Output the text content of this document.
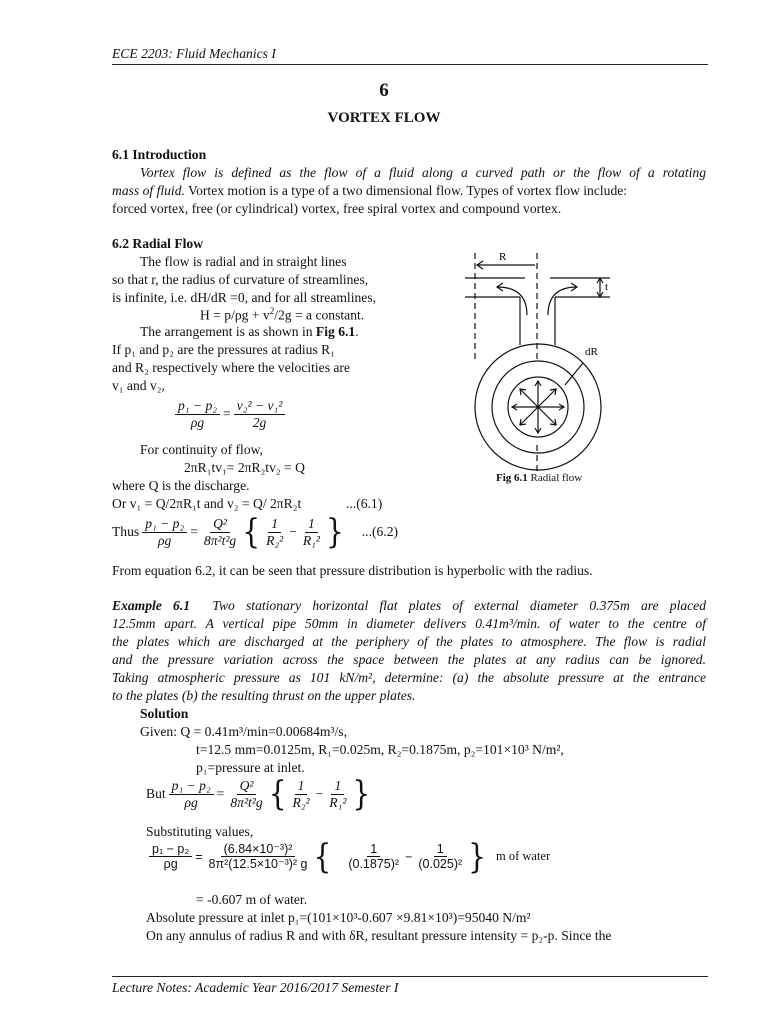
ECE 2203: Fluid Mechanics I
6
VORTEX FLOW
6.1 Introduction
Vortex flow is defined as the flow of a fluid along a curved path or the flow of a rotating
mass of fluid. Vortex motion is a type of a two dimensional flow. Types of vortex flow include:
forced vortex, free (or cylindrical) vortex, free spiral vortex and compound vortex.
6.2 Radial Flow
The flow is radial and in straight lines
so that r, the radius of curvature of streamlines,
is infinite, i.e. dH/dR =0, and for all streamlines,
$H = p/\rho g + v^2/2g = a$ constant.
The arrangement is as shown in Fig 6.1.
If p₁ and p₂ are the pressures at radius R₁
and R₂ respectively where the velocities are
v₁ and v₂,
$\frac{\text{p₁ − p₂}}{\rho g} = \frac{\text{v₂² − v₁²}}{2g}$
For continuity of flow,
2πR₁tv₁= 2πR₂tv₂ = Q
where Q is the discharge.
Or v₁ = Q/2πR₁t and v₂ = Q/ 2πR₂t	...(6.1)
Thus $\frac{\text{p₁ − p₂}}{\rho g} = \frac{\text{Q²}}{\text{8π²t²g}}$ { $\frac{1}{\text{R₂²}} - \frac{1}{\text{R₁²}}$ } ...(6.2)
From equation 6.2, it can be seen that pressure distribution is hyperbolic with the radius.
R
t
dR
Fig 6.1 Radial flow
Example 6.1 Two stationary horizontal flat plates of external diameter 0.375m are placed
12.5mm apart. A vertical pipe 50mm in diameter delivers 0.41m³/min. of water to the centre of
the plates which are discharged at the periphery of the plates to atmosphere. The flow is radial
and the pressure variation across the space between the plates at any radius can be ignored.
Taking atmospheric pressure as 101 kN/m², determine: (a) the absolute pressure at the entrance
to the plates (b) the resulting thrust on the upper plates.
Solution
Given: Q = 0.41m³/min=0.00684m³/s,
t=12.5 mm=0.0125m, R₁=0.025m, R₂=0.1875m, p₂=101×10³ N/m²,
p₁=pressure at inlet.
But $\frac{\text{p₁ − p₂}}{\rho g} = \frac{\text{Q²}}{\text{8π²t²g}}$ { $\frac{1}{\text{R₂²}} - \frac{1}{\text{R₁²}}$ }
Substituting values,
$\frac{\text{p₁ − p₂}}{\rho g} = \frac{\text{(6.84×10⁻³)²}}{\text{8π²(12.5×10⁻³)² g}}$ { $\frac{1}{\text{(0.1875)²}} - \frac{1}{\text{(0.025)²}}$ } m of water
= -0.607 m of water.
Absolute pressure at inlet p₁=(101×10³-0.607 ×9.81×10³)=95040 N/m²
On any annulus of radius R and with δR, resultant pressure intensity = p₂-p. Since the
Lecture Notes: Academic Year 2016/2017 Semester I
